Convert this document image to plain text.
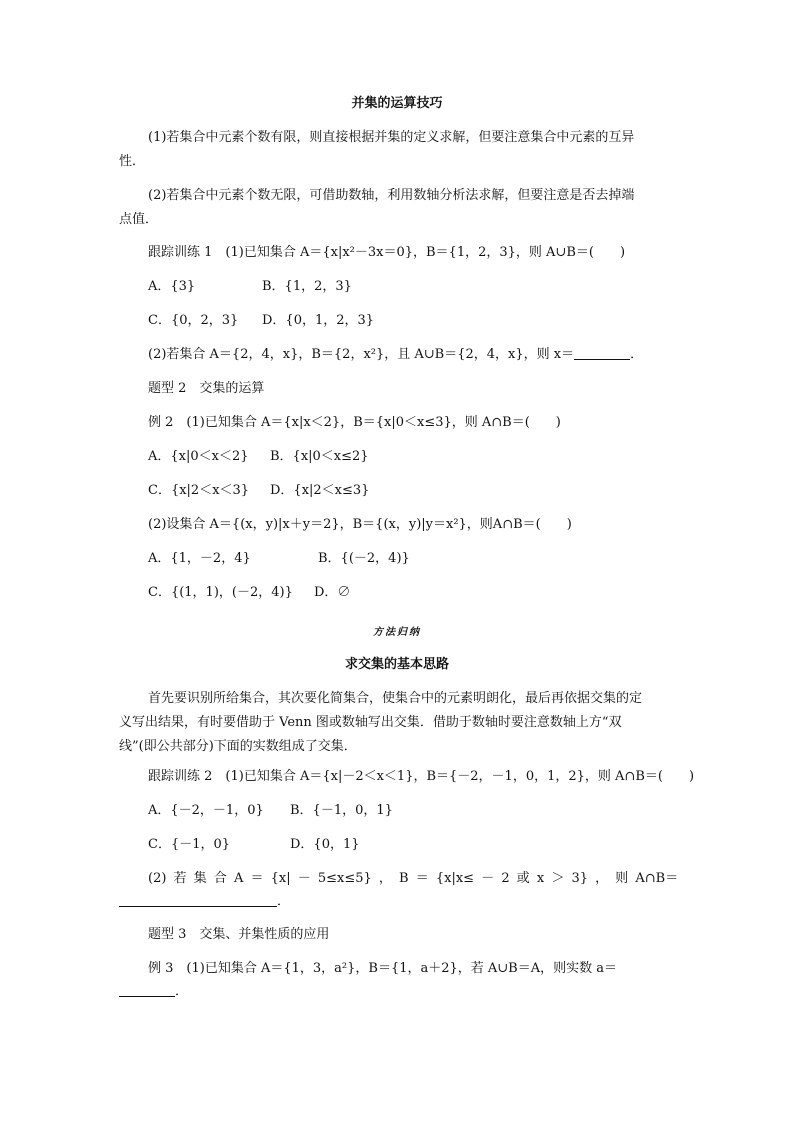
并集的运算技巧
(1)若集合中元素个数有限，则直接根据并集的定义求解，但要注意集合中元素的互异
性．
(2)若集合中元素个数无限，可借助数轴，利用数轴分析法求解，但要注意是否去掉端
点值．
跟踪训练 1　(1)已知集合 A＝{x|x²－3x＝0}，B＝{1，2，3}，则 A∪B＝(　　)
A．{3}	B．{1，2，3}
C．{0，2，3} D．{0，1，2，3}
(2)若集合 A＝{2，4，x}，B＝{2，x²}，且 A∪B＝{2，4，x}，则 x＝	．
题型 2　交集的运算
例 2　(1)已知集合 A＝{x|x＜2}，B＝{x|0＜x≤3}，则 A∩B＝(　　)
A．{x|0＜x＜2} B．{x|0＜x≤2}
C．{x|2＜x＜3} D．{x|2＜x≤3}
(2)设集合 A＝{(x，y)|x＋y＝2}，B＝{(x，y)|y＝x²}，则A∩B＝(　　)
A．{1，－2，4}	B．{(－2，4)}
C．{(1，1)，(－2，4)} D．∅
方法归纳
求交集的基本思路
首先要识别所给集合，其次要化简集合，使集合中的元素明朗化，最后再依据交集的定
义写出结果，有时要借助于 Venn 图或数轴写出交集．借助于数轴时要注意数轴上方“双
线”(即公共部分)下面的实数组成了交集．
跟踪训练 2　(1)已知集合 A＝{x|－2＜x＜1}，B＝{－2，－1，0，1，2}，则 A∩B＝(　　)
A．{－2，－1，0} B．{－1，0，1}
C．{－1，0}	D．{0，1}
(2) 若 集 合 A ＝ {x| － 5≤x≤5} ， B ＝ {x|x≤ － 2 或 x ＞ 3} ， 则 A∩B＝
．
题型 3　交集、并集性质的应用
例 3　(1)已知集合 A＝{1，3，a²}，B＝{1，a＋2}，若 A∪B＝A，则实数 a＝
．
